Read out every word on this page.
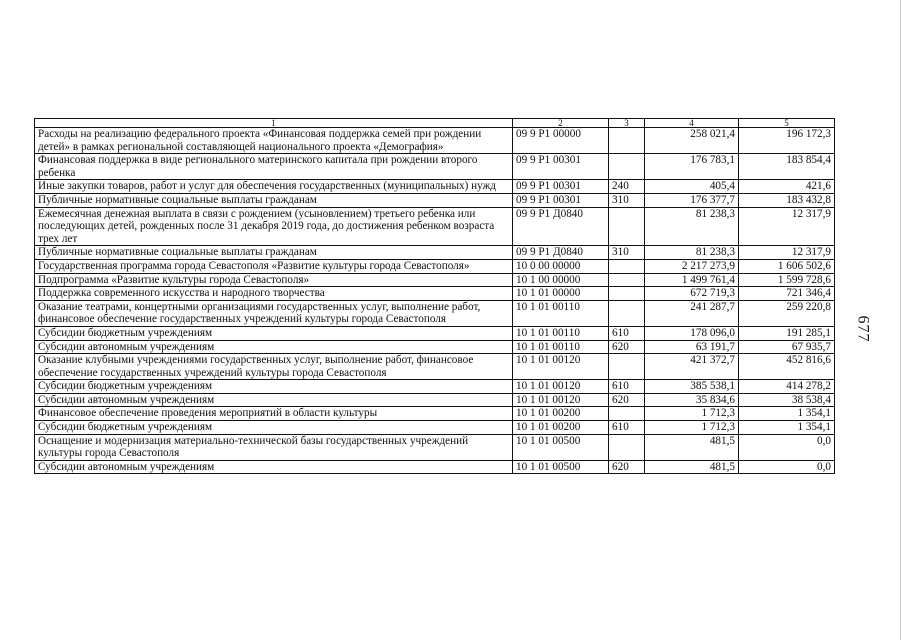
1	2	3	4	5
Расходы на реализацию федерального проекта «Финансовая поддержка семей при рождении детей» в рамках региональной составляющей национального проекта «Демография»	09 9 P1 00000		258 021,4	196 172,3
Финансовая поддержка в виде регионального материнского капитала при рождении второго ребенка	09 9 P1 00301		176 783,1	183 854,4
Иные закупки товаров, работ и услуг для обеспечения государственных (муниципальных) нужд	09 9 P1 00301	240	405,4	421,6
Публичные нормативные социальные выплаты гражданам	09 9 P1 00301	310	176 377,7	183 432,8
Ежемесячная денежная выплата в связи с рождением (усыновлением) третьего ребенка или последующих детей, рожденных после 31 декабря 2019 года, до достижения ребенком возраста трех лет	09 9 P1 Д0840		81 238,3	12 317,9
Публичные нормативные социальные выплаты гражданам	09 9 P1 Д0840	310	81 238,3	12 317,9
Государственная программа города Севастополя «Развитие культуры города Севастополя»	10 0 00 00000		2 217 273,9	1 606 502,6
Подпрограмма «Развитие культуры города Севастополя»	10 1 00 00000		1 499 761,4	1 599 728,6
Поддержка современного искусства и народного творчества	10 1 01 00000		672 719,3	721 346,4
Оказание театрами, концертными организациями государственных услуг, выполнение работ, финансовое обеспечение государственных учреждений культуры города Севастополя	10 1 01 00110		241 287,7	259 220,8
Субсидии бюджетным учреждениям	10 1 01 00110	610	178 096,0	191 285,1
Субсидии автономным учреждениям	10 1 01 00110	620	63 191,7	67 935,7
Оказание клубными учреждениями государственных услуг, выполнение работ, финансовое обеспечение государственных учреждений культуры города Севастополя	10 1 01 00120		421 372,7	452 816,6
Субсидии бюджетным учреждениям	10 1 01 00120	610	385 538,1	414 278,2
Субсидии автономным учреждениям	10 1 01 00120	620	35 834,6	38 538,4
Финансовое обеспечение проведения мероприятий в области культуры	10 1 01 00200		1 712,3	1 354,1
Субсидии бюджетным учреждениям	10 1 01 00200	610	1 712,3	1 354,1
Оснащение и модернизация материально-технической базы государственных учреждений культуры города Севастополя	10 1 01 00500		481,5	0,0
Субсидии автономным учреждениям	10 1 01 00500	620	481,5	0,0
677
